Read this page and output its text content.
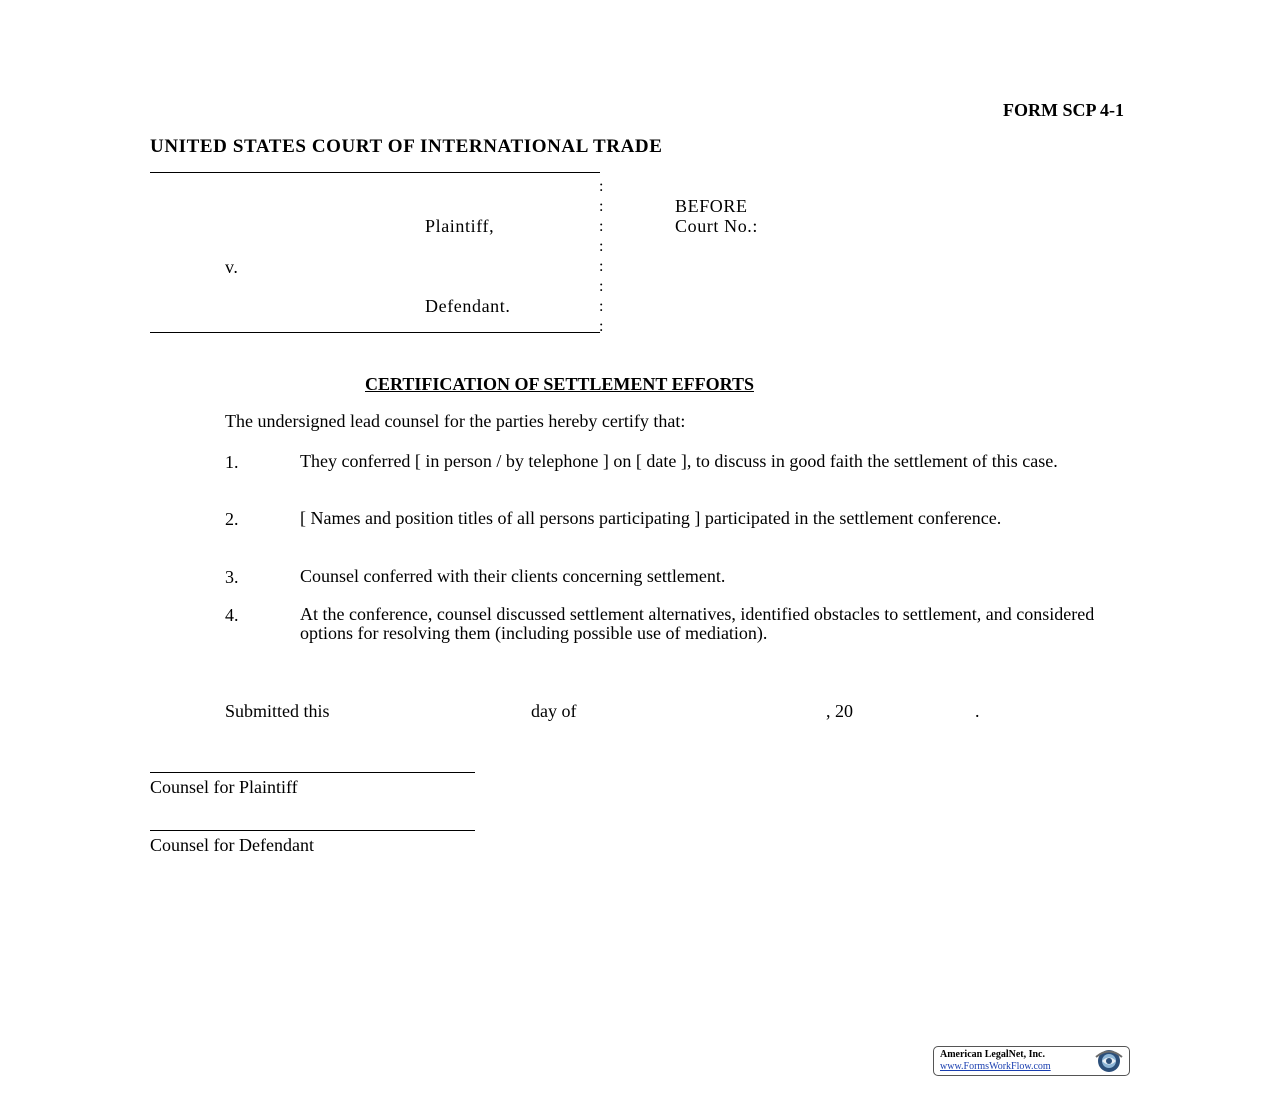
FORM SCP 4-1
UNITED STATES COURT OF INTERNATIONAL TRADE
:
:
:
:
:
:
:
:
BEFORE
Court No.:
Plaintiff,
v.
Defendant.
CERTIFICATION OF SETTLEMENT EFFORTS
The undersigned lead counsel for the parties hereby certify that:
1.	They conferred [ in person / by telephone ] on [ date ], to discuss in good faith the settlement of this case.
2.	[ Names and position titles of all persons participating ] participated in the settlement conference.
3.	Counsel conferred with their clients concerning settlement.
4.	At the conference, counsel discussed settlement alternatives, identified obstacles to settlement, and considered options for resolving them (including possible use of mediation).
Submitted this	day of	, 20	.
Counsel for Plaintiff
Counsel for Defendant
American LegalNet, Inc.
www.FormsWorkFlow.com
